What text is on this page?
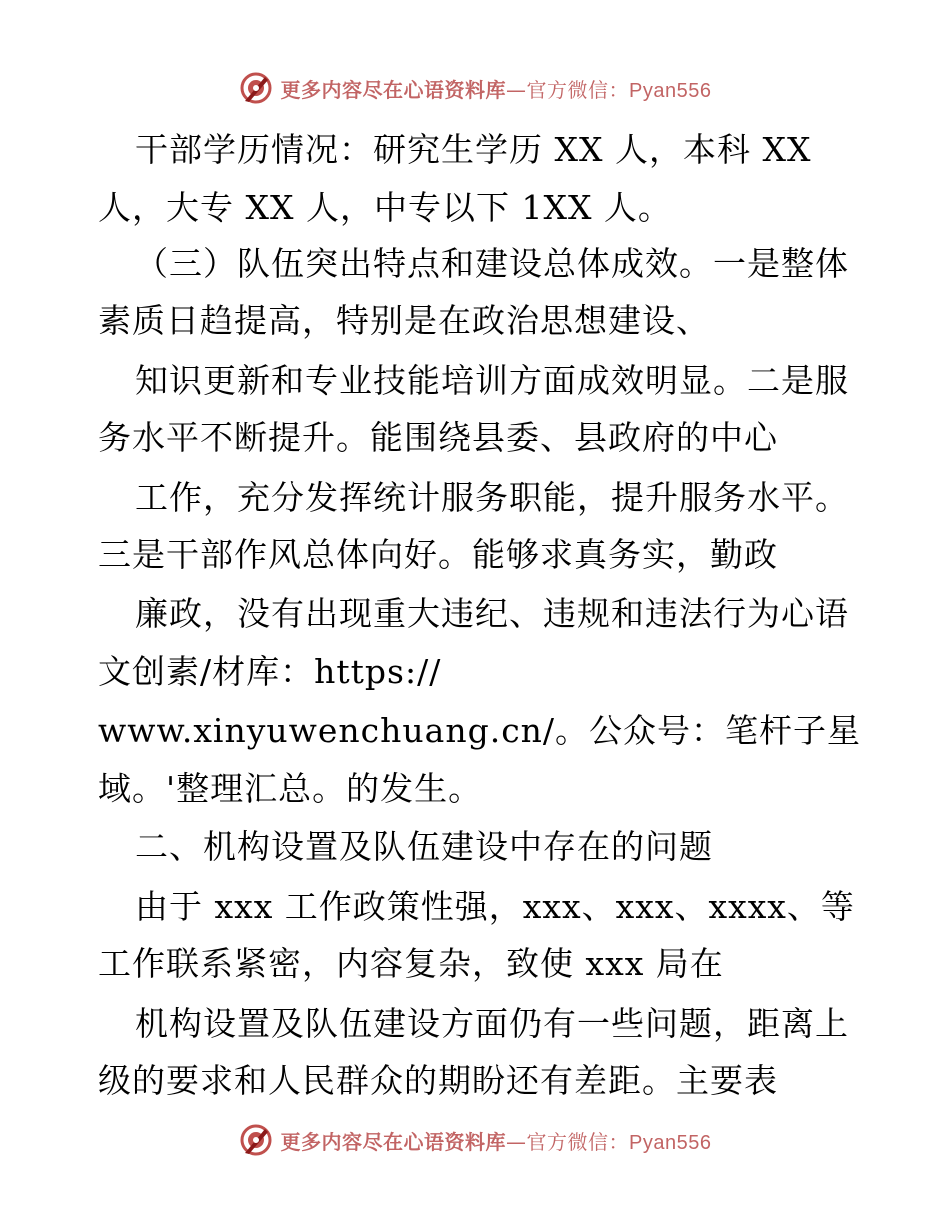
更多内容尽在心语资料库—官方微信：Pyan556
干部学历情况：研究生学历 XX 人，本科 XX
人，大专 XX 人，中专以下 1XX 人。
（三）队伍突出特点和建设总体成效。一是整体
素质日趋提高，特别是在政治思想建设、
知识更新和专业技能培训方面成效明显。二是服
务水平不断提升。能围绕县委、县政府的中心
工作，充分发挥统计服务职能，提升服务水平。
三是干部作风总体向好。能够求真务实，勤政
廉政，没有出现重大违纪、违规和违法行为心语
文创素/材库：https://
www.xinyuwenchuang.cn/。公众号：笔杆子星
域。'整理汇总。的发生。
二、机构设置及队伍建设中存在的问题
由于 xxx 工作政策性强，xxx、xxx、xxxx、等
工作联系紧密，内容复杂，致使 xxx 局在
机构设置及队伍建设方面仍有一些问题，距离上
级的要求和人民群众的期盼还有差距。主要表
更多内容尽在心语资料库—官方微信：Pyan556
